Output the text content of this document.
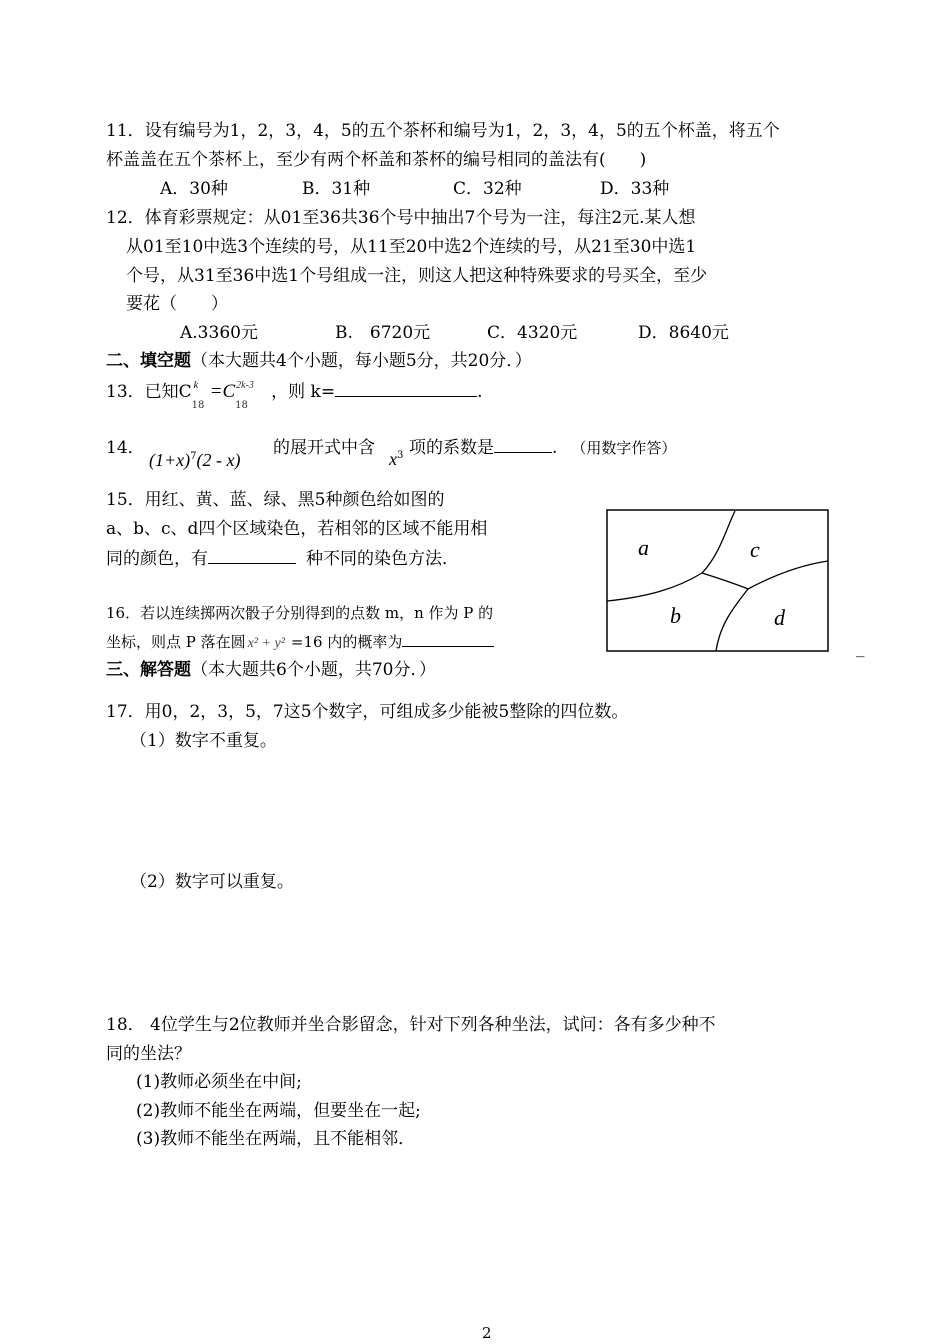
11．设有编号为1，2，3，4，5的五个茶杯和编号为1，2，3，4，5的五个杯盖，将五个
杯盖盖在五个茶杯上，至少有两个杯盖和茶杯的编号相同的盖法有(　　)
A．30种	B．31种	C．32种	D．33种
12．体育彩票规定：从01至36共36个号中抽出7个号为一注，每注2元.某人想
从01至10中选3个连续的号，从11至20中选2个连续的号，从21至30中选1
个号，从31至36中选1个号组成一注，则这人把这种特殊要求的号买全，至少
要花（　　）
A.3360元	B.　6720元	C．4320元	D．8640元
二、填空题（本大题共4个小题，每小题5分，共20分．）
13．已知C k
18
=C 2k-3
18
，则 k=	.
14．
$(1+x)^7(2 - x)$
的展开式中含
$x^3$ 项的系数是	. （用数字作答）
15．用红、黄、蓝、绿、黑5种颜色给如图的
a、b、c、d四个区域染色，若相邻的区域不能用相
同的颜色，有	种不同的染色方法．
16．若以连续掷两次骰子分别得到的点数 m，n 作为 P 的
坐标，则点 P 落在圆 x² + y² =16 内的概率为	_
a	c
b	d
三、解答题（本大题共6个小题，共70分．）
17．用0，2，3，5，7这5个数字，可组成多少能被5整除的四位数。
（1）数字不重复。
（2）数字可以重复。
18． 4位学生与2位教师并坐合影留念，针对下列各种坐法，试问：各有多少种不
同的坐法？
(1)教师必须坐在中间;
(2)教师不能坐在两端，但要坐在一起;
(3)教师不能坐在两端，且不能相邻．
2
